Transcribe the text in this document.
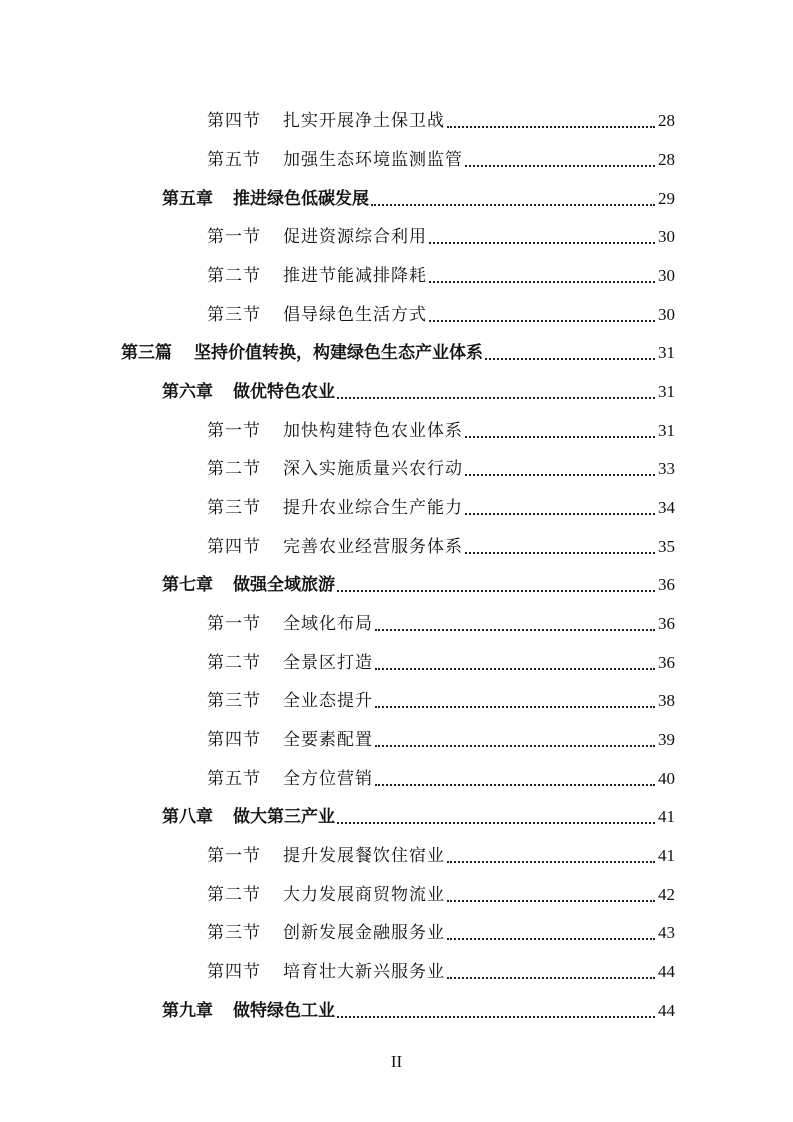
第四节 扎实开展净土保卫战	28
第五节 加强生态环境监测监管	28
第五章 推进绿色低碳发展	29
第一节 促进资源综合利用	30
第二节 推进节能减排降耗	30
第三节 倡导绿色生活方式	30
第三篇 坚持价值转换，构建绿色生态产业体系	31
第六章 做优特色农业	31
第一节 加快构建特色农业体系	31
第二节 深入实施质量兴农行动	33
第三节 提升农业综合生产能力	34
第四节 完善农业经营服务体系	35
第七章 做强全域旅游	36
第一节 全域化布局	36
第二节 全景区打造	36
第三节 全业态提升	38
第四节 全要素配置	39
第五节 全方位营销	40
第八章 做大第三产业	41
第一节 提升发展餐饮住宿业	41
第二节 大力发展商贸物流业	42
第三节 创新发展金融服务业	43
第四节 培育壮大新兴服务业	44
第九章 做特绿色工业	44
II
